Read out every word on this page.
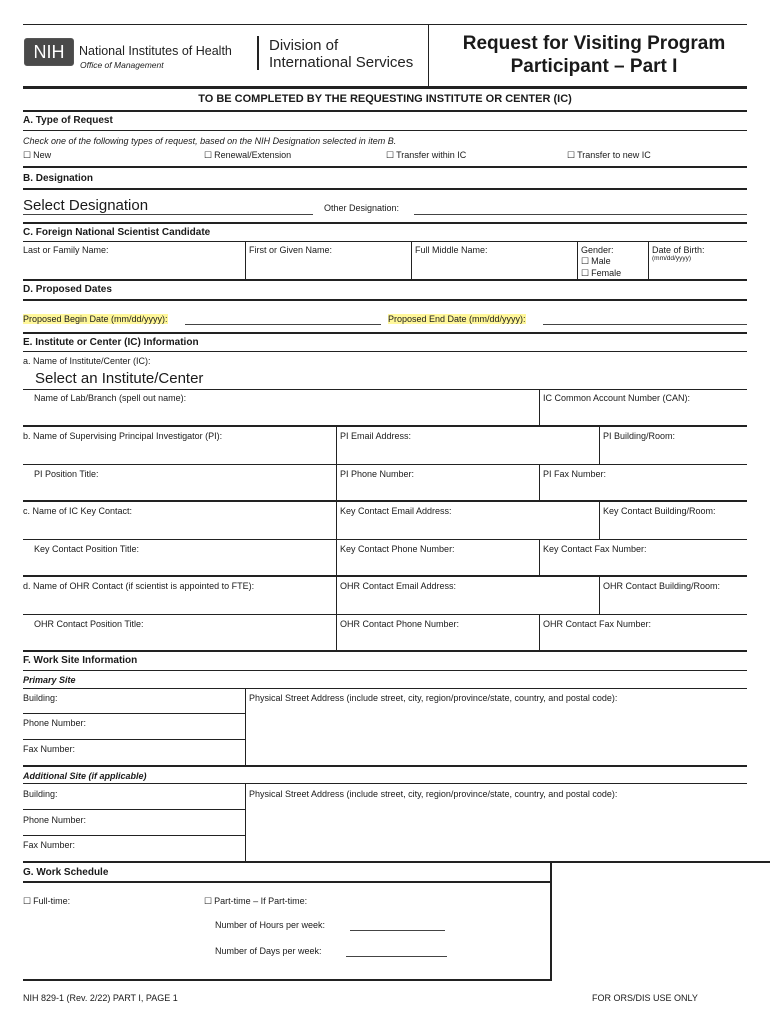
NIH	National Institutes of Health
Office of Management
Division of
International Services
Request for Visiting Program
Participant – Part I
TO BE COMPLETED BY THE REQUESTING INSTITUTE OR CENTER (IC)
A. Type of Request
Check one of the following types of request, based on the NIH Designation selected in item B.
☐ New	☐ Renewal/Extension	☐ Transfer within IC	☐ Transfer to new IC
B. Designation
Select Designation	Other Designation:
C. Foreign National Scientist Candidate
Last or Family Name:	First or Given Name:	Full Middle Name:	Gender:
☐ Male
☐ Female
Date of Birth:
(mm/dd/yyyy)
D. Proposed Dates
Proposed Begin Date (mm/dd/yyyy):	Proposed End Date (mm/dd/yyyy):
E. Institute or Center (IC) Information
a. Name of Institute/Center (IC):
Select an Institute/Center
Name of Lab/Branch (spell out name):	IC Common Account Number (CAN):
b. Name of Supervising Principal Investigator (PI):	PI Email Address:	PI Building/Room:
PI Position Title:	PI Phone Number:	PI Fax Number:
c. Name of IC Key Contact:	Key Contact Email Address:	Key Contact Building/Room:
Key Contact Position Title:	Key Contact Phone Number:	Key Contact Fax Number:
d. Name of OHR Contact (if scientist is appointed to FTE):	OHR Contact Email Address:	OHR Contact Building/Room:
OHR Contact Position Title:	OHR Contact Phone Number:	OHR Contact Fax Number:
F. Work Site Information
Primary Site
Building:	Physical Street Address (include street, city, region/province/state, country, and postal code):
Phone Number:
Fax Number:
Additional Site (if applicable)
Building:	Physical Street Address (include street, city, region/province/state, country, and postal code):
Phone Number:
Fax Number:
G. Work Schedule
☐ Full-time:	☐ Part-time – If Part-time:
Number of Hours per week:
Number of Days per week:
NIH 829-1 (Rev. 2/22) PART I, PAGE 1	FOR ORS/DIS USE ONLY
